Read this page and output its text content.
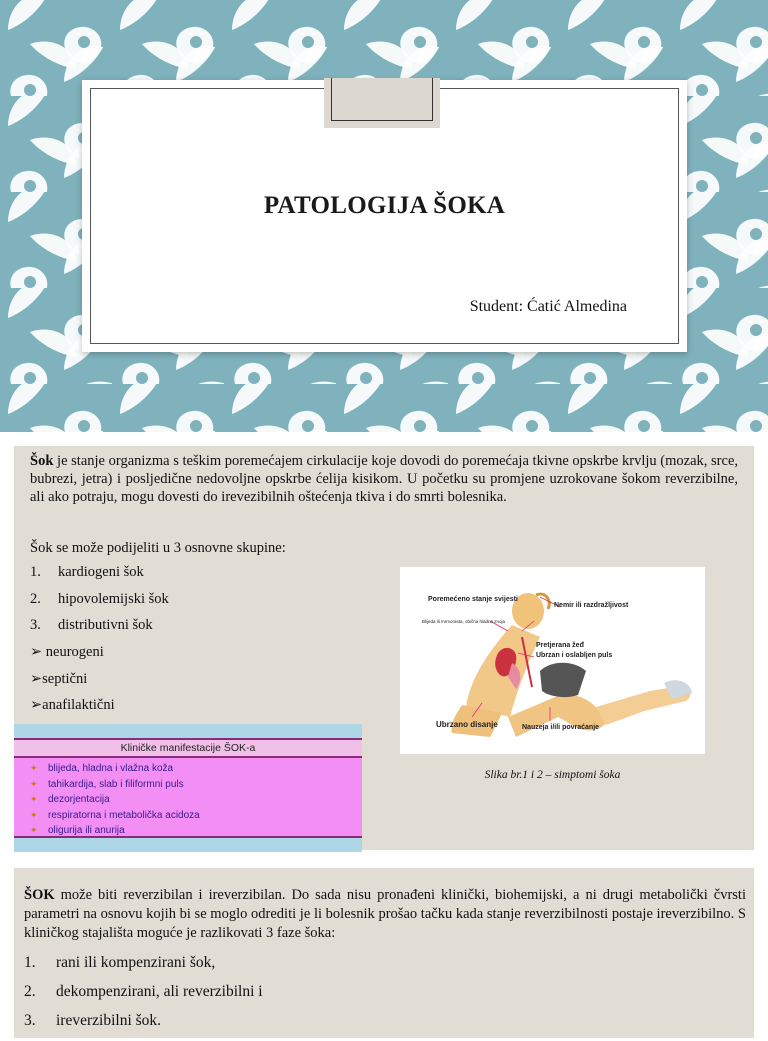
PATOLOGIJA ŠOKA
Student: Ćatić Almedina

Šok je stanje organizma s teškim poremećajem cirkulacije koje dovodi do poremećaja tkivne opskrbe krvlju (mozak, srce, bubrezi, jetra) i posljedične nedovoljne opskrbe ćelija kisikom. U početku su promjene uzrokovane šokom reverzibilne, ali ako potraju, mogu dovesti do irevezibilnih oštećenja tkiva i do smrti bolesnika.

Šok se može podijeliti u 3 osnovne skupine:

1.	kardiogeni šok
2.	hipovolemijski šok
3.	distributivni šok
➢ neurogeni
➢septični
➢anafilaktični
Poremećeno stanje svijesti
Nemir ili razdražljivost
Blijeda ili mrmorasta, obična hladna znoja
Pretjerana žeđ
Ubrzan i oslabljen puls
Ubrzano disanje	Nauzeja i/ili povraćanje
Slika br.1 i 2 – simptomi šoka
Kliničke manifestacije ŠOK-a
✦	blijeda, hladna i vlažna koža
✦	tahikardija, slab i filiformni puls
✦	dezorjentacija
✦	respiratorna i metabolička acidoza
✦	oligurija ili anurija

ŠOK može biti reverzibilan i ireverzibilan. Do sada nisu pronađeni klinički, biohemijski, a ni drugi metabolički čvrsti parametri na osnovu kojih bi se moglo odrediti je li bolesnik prošao tačku kada stanje reverzibilnosti postaje ireverzibilno. S kliničkog stajališta moguće je razlikovati 3 faze šoka:

1.	rani ili kompenzirani šok,
2.	dekompenzirani, ali reverzibilni i
3.	ireverzibilni šok.
